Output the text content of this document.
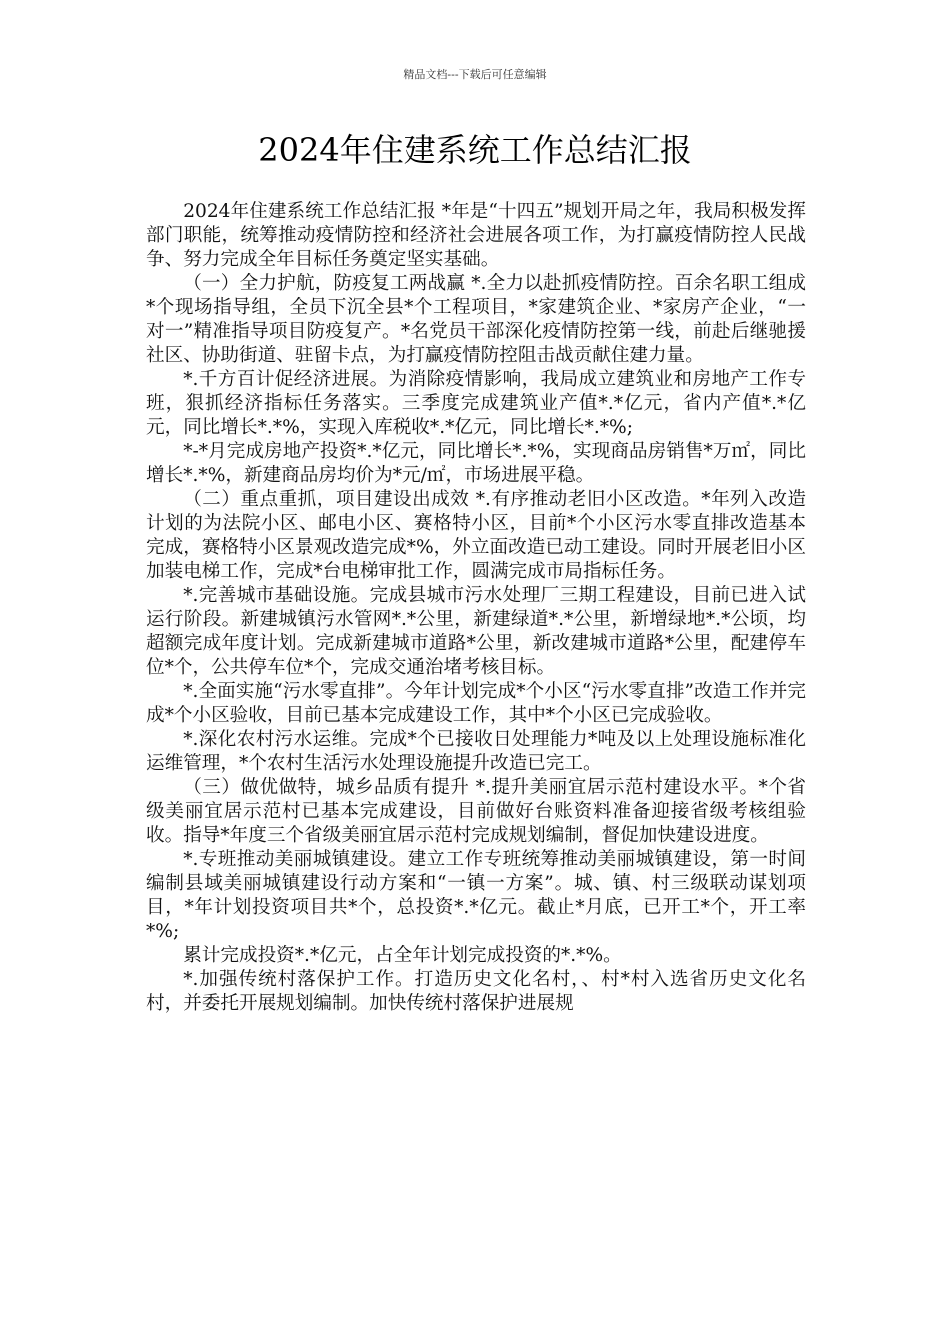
精品文档---下载后可任意编辑
2024年住建系统工作总结汇报

2024年住建系统工作总结汇报 *年是“十四五”规划开局之年，我局积极发挥部门职能，统筹推动疫情防控和经济社会进展各项工作，为打赢疫情防控人民战争、努力完成全年目标任务奠定坚实基础。

（一）全力护航，防疫复工两战赢 *.全力以赴抓疫情防控。百余名职工组成*个现场指导组，全员下沉全县*个工程项目，*家建筑企业、*家房产企业，“一对一”精准指导项目防疫复产。*名党员干部深化疫情防控第一线，前赴后继驰援社区、协助街道、驻留卡点，为打赢疫情防控阻击战贡献住建力量。

*.千方百计促经济进展。为消除疫情影响，我局成立建筑业和房地产工作专班，狠抓经济指标任务落实。三季度完成建筑业产值*.*亿元，省内产值*.*亿元，同比增长*.*%，实现入库税收*.*亿元，同比增长*.*%;

*-*月完成房地产投资*.*亿元，同比增长*.*%，实现商品房销售*万㎡，同比增长*.*%，新建商品房均价为*元/㎡，市场进展平稳。

（二）重点重抓，项目建设出成效 *.有序推动老旧小区改造。*年列入改造计划的为法院小区、邮电小区、赛格特小区，目前*个小区污水零直排改造基本完成，赛格特小区景观改造完成*%，外立面改造已动工建设。同时开展老旧小区加装电梯工作，完成*台电梯审批工作，圆满完成市局指标任务。

*.完善城市基础设施。完成县城市污水处理厂三期工程建设，目前已进入试运行阶段。新建城镇污水管网*.*公里，新建绿道*.*公里，新增绿地*.*公顷，均超额完成年度计划。完成新建城市道路*公里，新改建城市道路*公里，配建停车位*个，公共停车位*个，完成交通治堵考核目标。

*.全面实施“污水零直排”。今年计划完成*个小区“污水零直排”改造工作并完成*个小区验收，目前已基本完成建设工作，其中*个小区已完成验收。

*.深化农村污水运维。完成*个已接收日处理能力*吨及以上处理设施标准化运维管理，*个农村生活污水处理设施提升改造已完工。

（三）做优做特，城乡品质有提升 *.提升美丽宜居示范村建设水平。*个省级美丽宜居示范村已基本完成建设，目前做好台账资料准备迎接省级考核组验收。指导*年度三个省级美丽宜居示范村完成规划编制，督促加快建设进度。

*.专班推动美丽城镇建设。建立工作专班统筹推动美丽城镇建设，第一时间编制县域美丽城镇建设行动方案和“一镇一方案”。城、镇、村三级联动谋划项目，*年计划投资项目共*个，总投资*.*亿元。截止*月底，已开工*个，开工率*%;

累计完成投资*.*亿元，占全年计划完成投资的*.*%。

*.加强传统村落保护工作。打造历史文化名村，、村*村入选省历史文化名村，并委托开展规划编制。加快传统村落保护进展规
